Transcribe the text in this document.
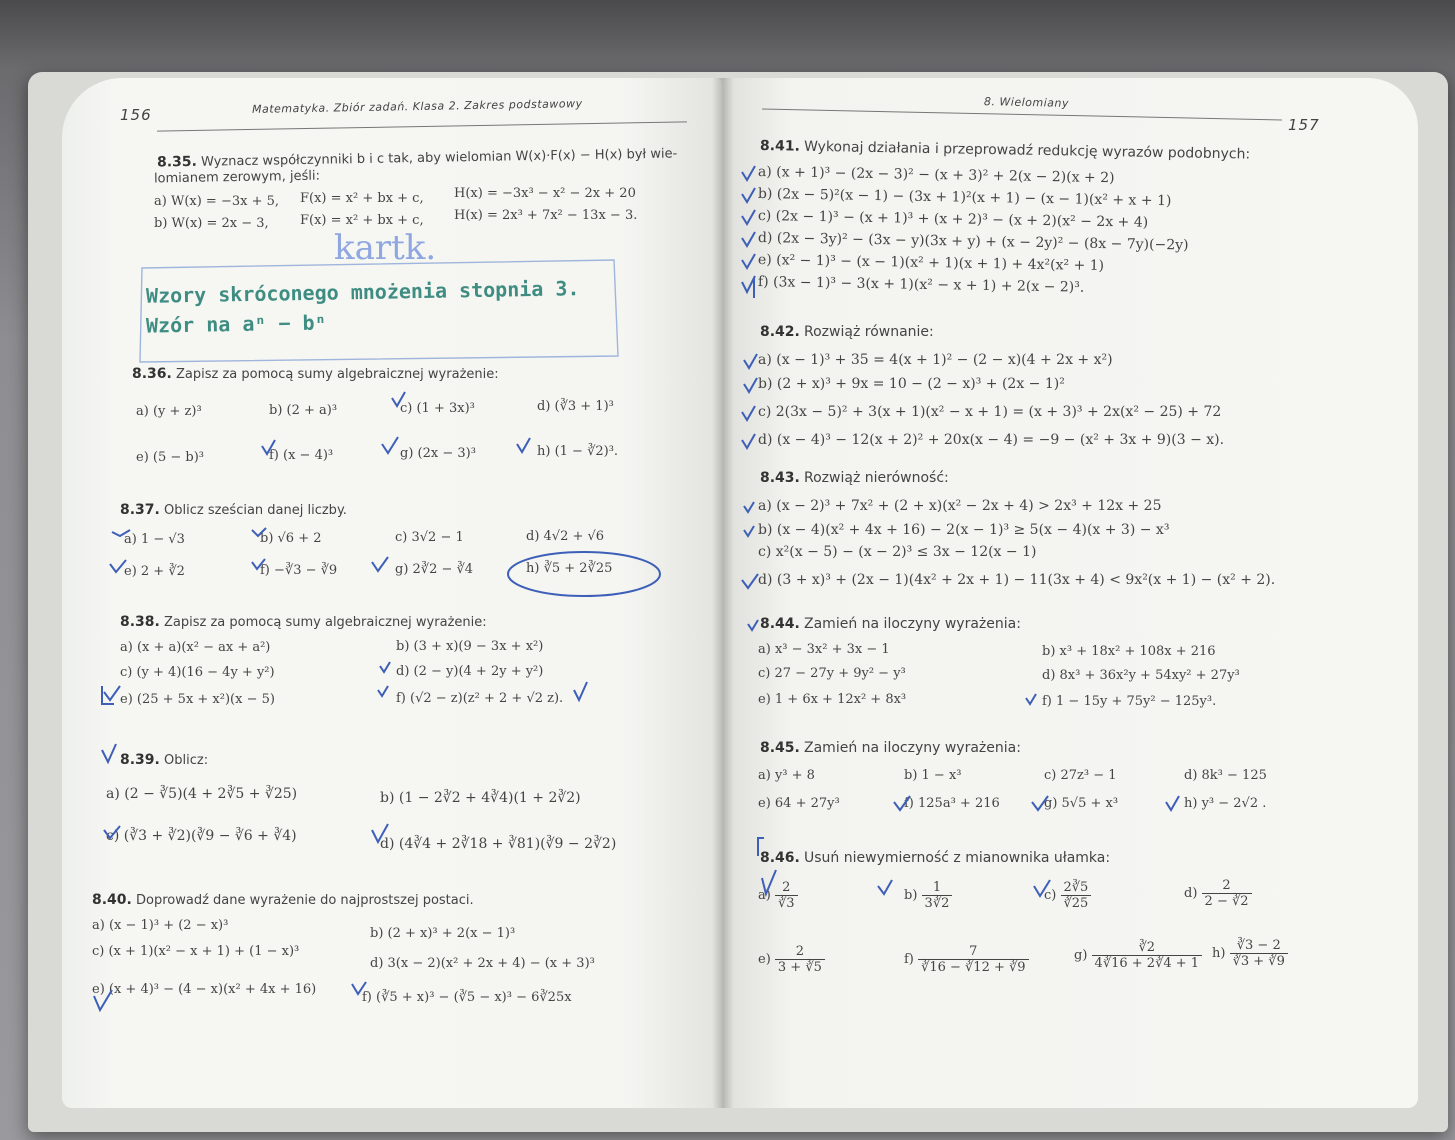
156	Matematyka. Zbiór zadań. Klasa 2. Zakres podstawowy
8.35. Wyznacz współczynniki b i c tak, aby wielomian W(x)·F(x) − H(x) był wie-
lomianem zerowym, jeśli:
a) W(x) = −3x + 5, F(x) = x² + bx + c, H(x) = −3x³ − x² − 2x + 20
b) W(x) = 2x − 3, F(x) = x² + bx + c, H(x) = 2x³ + 7x² − 13x − 3.
kartk.
Wzory skróconego mnożenia stopnia 3.
Wzór na aⁿ − bⁿ
8.36. Zapisz za pomocą sumy algebraicznej wyrażenie:
a) (y + z)³	b) (2 + a)³	c) (1 + 3x)³	d) (∛3 + 1)³
e) (5 − b)³	f) (x − 4)³	g) (2x − 3)³	h) (1 − ∛2)³.
8.37. Oblicz sześcian danej liczby.
a) 1 − √3	b) √6 + 2	c) 3√2 − 1	d) 4√2 + √6
e) 2 + ∛2	f) −∛3 − ∛9	g) 2∛2 − ∛4	h) ∛5 + 2∛25
8.38. Zapisz za pomocą sumy algebraicznej wyrażenie:
a) (x + a)(x² − ax + a²)	b) (3 + x)(9 − 3x + x²)
c) (y + 4)(16 − 4y + y²)	d) (2 − y)(4 + 2y + y²)
e) (25 + 5x + x²)(x − 5)	f) (√2 − z)(z² + 2 + √2 z).
8.39. Oblicz:
a) (2 − ∛5)(4 + 2∛5 + ∛25)	b) (1 − 2∛2 + 4∛4)(1 + 2∛2)
c) (∛3 + ∛2)(∛9 − ∛6 + ∛4)	d) (4∛4 + 2∛18 + ∛81)(∛9 − 2∛2)
8.40. Doprowadź dane wyrażenie do najprostszej postaci.
a) (x − 1)³ + (2 − x)³
b) (2 + x)³ + 2(x − 1)³
c) (x + 1)(x² − x + 1) + (1 − x)³
d) 3(x − 2)(x² + 2x + 4) − (x + 3)³
e) (x + 4)³ − (4 − x)(x² + 4x + 16)
f) (∛5 + x)³ − (∛5 − x)³ − 6∛25x
8. Wielomiany
157
8.41. Wykonaj działania i przeprowadź redukcję wyrazów podobnych:
a) (x + 1)³ − (2x − 3)² − (x + 3)² + 2(x − 2)(x + 2)
b) (2x − 5)²(x − 1) − (3x + 1)²(x + 1) − (x − 1)(x² + x + 1)
c) (2x − 1)³ − (x + 1)³ + (x + 2)³ − (x + 2)(x² − 2x + 4)
d) (2x − 3y)² − (3x − y)(3x + y) + (x − 2y)² − (8x − 7y)(−2y)
e) (x² − 1)³ − (x − 1)(x² + 1)(x + 1) + 4x²(x² + 1)
f) (3x − 1)³ − 3(x + 1)(x² − x + 1) + 2(x − 2)³.
8.42. Rozwiąż równanie:
a) (x − 1)³ + 35 = 4(x + 1)² − (2 − x)(4 + 2x + x²)
b) (2 + x)³ + 9x = 10 − (2 − x)³ + (2x − 1)²
c) 2(3x − 5)² + 3(x + 1)(x² − x + 1) = (x + 3)³ + 2x(x² − 25) + 72
d) (x − 4)³ − 12(x + 2)² + 20x(x − 4) = −9 − (x² + 3x + 9)(3 − x).
8.43. Rozwiąż nierówność:
a) (x − 2)³ + 7x² + (2 + x)(x² − 2x + 4) > 2x³ + 12x + 25
b) (x − 4)(x² + 4x + 16) − 2(x − 1)³ ≥ 5(x − 4)(x + 3) − x³
c) x²(x − 5) − (x − 2)³ ≤ 3x − 12(x − 1)
d) (3 + x)³ + (2x − 1)(4x² + 2x + 1) − 11(3x + 4) < 9x²(x + 1) − (x² + 2).
8.44. Zamień na iloczyny wyrażenia:
a) x³ − 3x² + 3x − 1	b) x³ + 18x² + 108x + 216
c) 27 − 27y + 9y² − y³	d) 8x³ + 36x²y + 54xy² + 27y³
e) 1 + 6x + 12x² + 8x³	f) 1 − 15y + 75y² − 125y³.
8.45. Zamień na iloczyny wyrażenia:
a) y³ + 8	b) 1 − x³	c) 27z³ − 1	d) 8k³ − 125
e) 64 + 27y³	f) 125a³ + 216	g) 5√5 + x³	h) y³ − 2√2 .
8.46. Usuń niewymierność z mianownika ułamka:
$a) \frac{2}{∛3}$	$b) \frac{1}{3∛2}$	$c) \frac{2∛5}{∛25}$	$d) \frac{2}{2 - ∛2}$
$e) \frac{2}{3 + ∛5}$	$f) \frac{7}{∛16 - ∛12 + ∛9}$	$g) \frac{∛2}{4∛16 + 2∛4 + 1} h) \frac{∛3 - 2}{∛3 + ∛9}$
